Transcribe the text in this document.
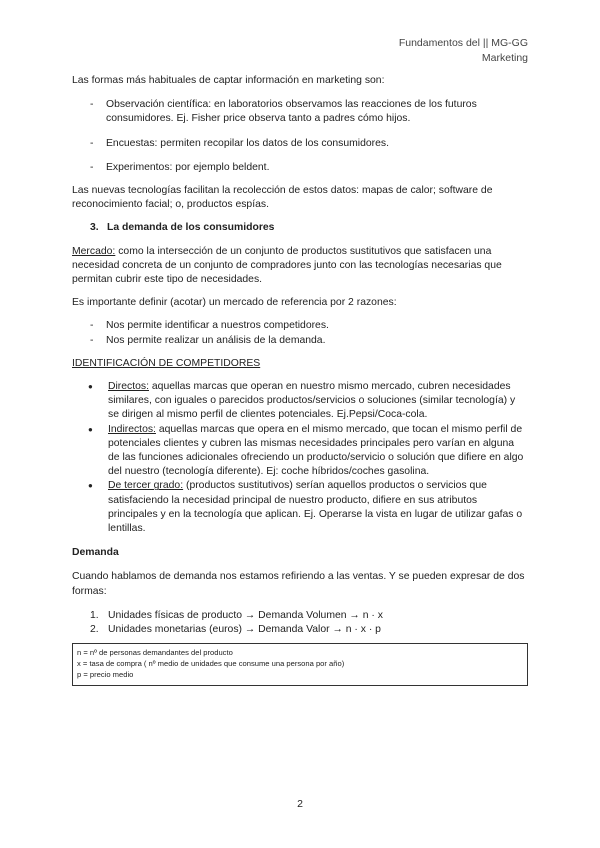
Fundamentos del || MG-GG

Marketing

Las formas más habituales de captar información en marketing son:

- Observación científica: en laboratorios observamos las reacciones de los futuros consumidores. Ej. Fisher price observa tanto a padres cómo hijos.
- Encuestas: permiten recopilar los datos de los consumidores.
- Experimentos: por ejemplo beldent.

Las nuevas tecnologías facilitan la recolección de estos datos: mapas de calor; software de reconocimiento facial; o, productos espías.

3. La demanda de los consumidores

Mercado: como la intersección de un conjunto de productos sustitutivos que satisfacen una necesidad concreta de un conjunto de compradores junto con las tecnologías necesarias que permitan cubrir este tipo de necesidades.

Es importante definir (acotar) un mercado de referencia por 2 razones:

- Nos permite identificar a nuestros competidores.
- Nos permite realizar un análisis de la demanda.

IDENTIFICACIÓN DE COMPETIDORES

● Directos: aquellas marcas que operan en nuestro mismo mercado, cubren necesidades similares, con iguales o parecidos productos/servicios o soluciones (similar tecnología) y se dirigen al mismo perfil de clientes potenciales. Ej.Pepsi/Coca-cola.
● Indirectos: aquellas marcas que opera en el mismo mercado, que tocan el mismo perfil de potenciales clientes y cubren las mismas necesidades principales pero varían en alguna de las funciones adicionales ofreciendo un producto/servicio o solución que difiere en algo del nuestro (tecnología diferente). Ej: coche híbridos/coches gasolina.
● De tercer grado: (productos sustitutivos) serían aquellos productos o servicios que satisfaciendo la necesidad principal de nuestro producto, difiere en sus atributos principales y en la tecnología que aplican. Ej. Operarse la vista en lugar de utilizar gafas o lentillas.

Demanda

Cuando hablamos de demanda nos estamos refiriendo a las ventas. Y se pueden expresar de dos formas:

1. Unidades físicas de producto → Demanda Volumen → n · x
2. Unidades monetarias (euros) → Demanda Valor → n · x · p
n = nº de personas demandantes del producto
x = tasa de compra ( nº medio de unidades que consume una persona por año)
p = precio medio
2
